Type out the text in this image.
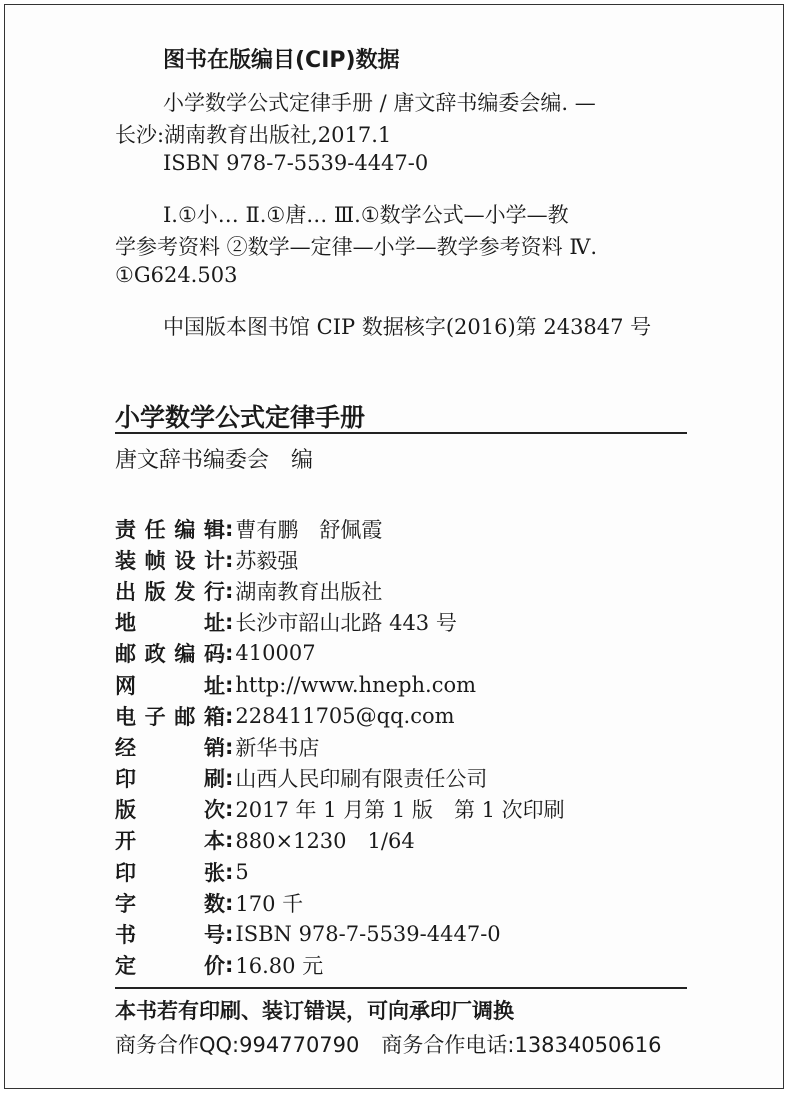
图书在版编目(CIP)数据
小学数学公式定律手册 / 唐文辞书编委会编. —
长沙:湖南教育出版社,2017.1
ISBN 978-7-5539-4447-0
Ⅰ.①小… Ⅱ.①唐… Ⅲ.①数学公式—小学—教
学参考资料 ②数学—定律—小学—教学参考资料 Ⅳ.
①G624.503
中国版本图书馆 CIP 数据核字(2016)第 243847 号
小学数学公式定律手册
唐文辞书编委会　编
责 任 编 辑 : 曹有鹏　舒佩霞
装 帧 设 计 : 苏毅强
出 版 发 行 : 湖南教育出版社
地	址 : 长沙市韶山北路 443 号
邮 政 编 码 : 410007
网	址 : http://www.hneph.com
电 子 邮 箱 : 228411705@qq.com
经	销 : 新华书店
印	刷 : 山西人民印刷有限责任公司
版	次 : 2017 年 1 月第 1 版　第 1 次印刷
开	本 : 880×1230　1/64
印	张 : 5
字	数 : 170 千
书	号 : ISBN 978-7-5539-4447-0
定	价 : 16.80 元
本书若有印刷、装订错误，可向承印厂调换
商务合作QQ:994770790 商务合作电话:13834050616
